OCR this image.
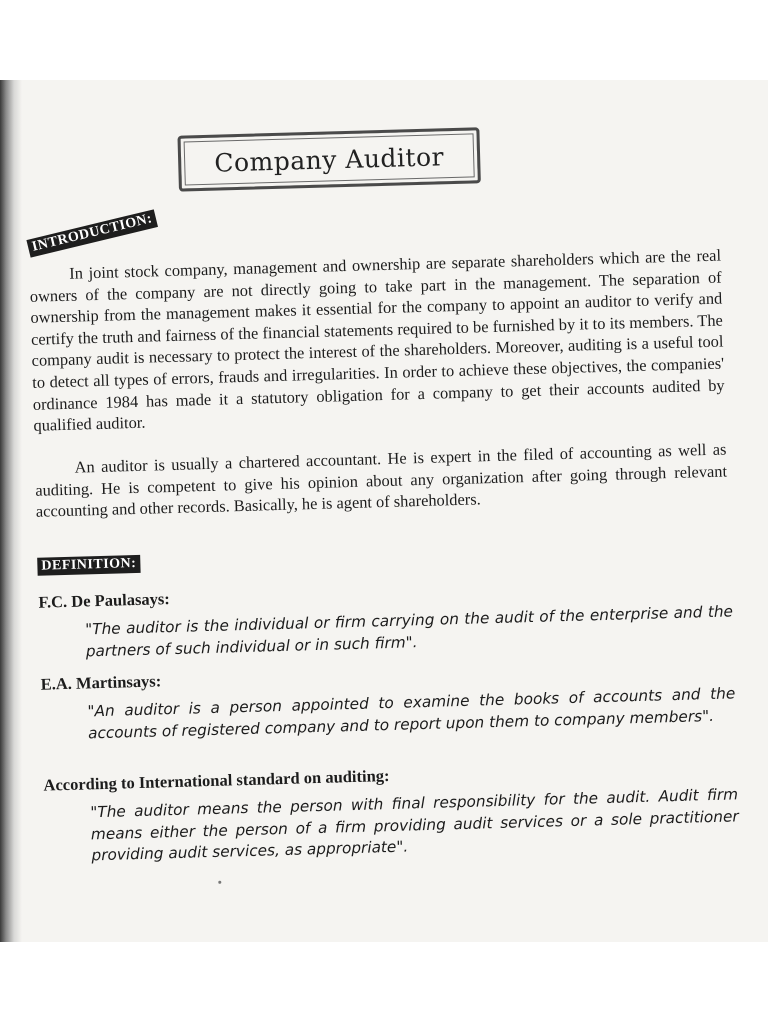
Company Auditor
INTRODUCTION:

In joint stock company, management and ownership are separate shareholders which are the real owners of the company are not directly going to take part in the management. The separation of ownership from the management makes it essential for the company to appoint an auditor to verify and certify the truth and fairness of the financial statements required to be furnished by it to its members. The company audit is necessary to protect the interest of the shareholders. Moreover, auditing is a useful tool to detect all types of errors, frauds and irregularities. In order to achieve these objectives, the companies' ordinance 1984 has made it a statutory obligation for a company to get their accounts audited by qualified auditor.

An auditor is usually a chartered accountant. He is expert in the filed of accounting as well as auditing. He is competent to give his opinion about any organization after going through relevant accounting and other records. Basically, he is agent of shareholders.

DEFINITION:

F.C. De Paulasays:

"The auditor is the individual or firm carrying on the audit of the enterprise and the partners of such individual or in such firm".

E.A. Martinsays:

"An auditor is a person appointed to examine the books of accounts and the accounts of registered company and to report upon them to company members".

According to International standard on auditing:

"The auditor means the person with final responsibility for the audit. Audit firm means either the person of a firm providing audit services or a sole practitioner providing audit services, as appropriate".
